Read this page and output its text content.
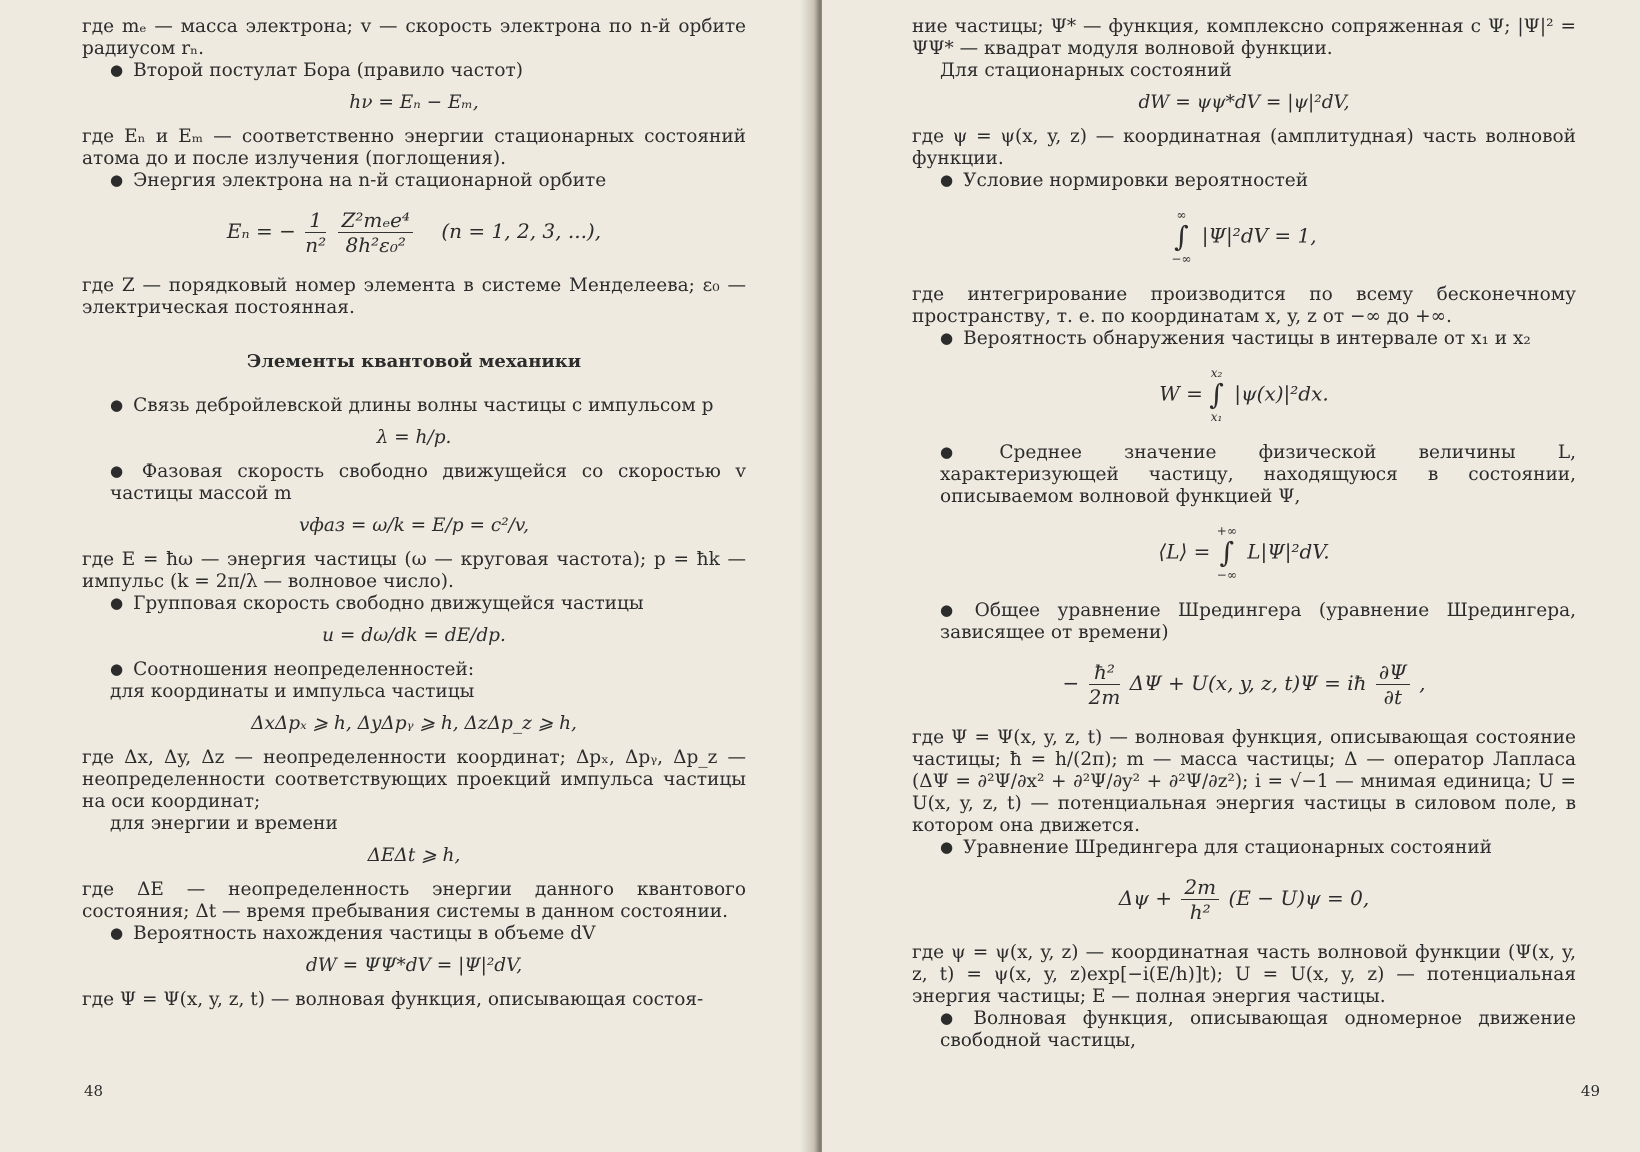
где mₑ — масса электрона; v — скорость электрона по n-й орбите радиусом rₙ.

● Второй постулат Бора (правило частот)

hν = Eₙ − Eₘ,

где Eₙ и Eₘ — соответственно энергии стационарных состояний атома до и после излучения (поглощения).

● Энергия электрона на n-й стационарной орбите

Eₙ = − $\frac{1}{\text{n²}}$
Z²mₑe⁴
8h²ε₀²
(n = 1, 2, 3, ...),

где Z — порядковый номер элемента в системе Менделеева; ε₀ — электрическая постоянная.

Элементы квантовой механики

● Связь дебройлевской длины волны частицы с импульсом p

λ = h/p.

● Фазовая скорость свободно движущейся со скоростью v частицы массой m

vфаз = ω/k = E/p = c²/v,

где E = ħω — энергия частицы (ω — круговая частота); p = ħk — импульс (k = 2π/λ — волновое число).

● Групповая скорость свободно движущейся частицы

u = dω/dk = dE/dp.

● Соотношения неопределенностей:

для координаты и импульса частицы

ΔxΔpₓ ⩾ h, ΔyΔpᵧ ⩾ h, ΔzΔp_z ⩾ h,

где Δx, Δy, Δz — неопределенности координат; Δpₓ, Δpᵧ, Δp_z — неопределенности соответствующих проекций импульса частицы на оси координат;

для энергии и времени

ΔEΔt ⩾ h,

где ΔE — неопределенность энергии данного квантового состояния; Δt — время пребывания системы в данном состоянии.

● Вероятность нахождения частицы в объеме dV

dW = ΨΨ*dV = |Ψ|²dV,

где Ψ = Ψ(x, y, z, t) — волновая функция, описывающая состоя-

48

ние частицы; Ψ* — функция, комплексно сопряженная с Ψ; |Ψ|² = ΨΨ* — квадрат модуля волновой функции.

Для стационарных состояний

dW = ψψ*dV = |ψ|²dV,

где ψ = ψ(x, y, z) — координатная (амплитудная) часть волновой функции.

● Условие нормировки вероятностей

∞
∫
−∞ |Ψ|²dV = 1,

где интегрирование производится по всему бесконечному пространству, т. е. по координатам x, y, z от −∞ до +∞.

● Вероятность обнаружения частицы в интервале от x₁ и x₂

W = x₂
∫
x₁ |ψ(x)|²dx.

● Среднее значение физической величины L, характеризующей частицу, находящуюся в состоянии, описываемом волновой функцией Ψ,

⟨L⟩ = +∞
∫
−∞ L|Ψ|²dV.

● Общее уравнение Шредингера (уравнение Шредингера, зависящее от времени)

− $\frac{\text{ħ²}}{2m}$ ΔΨ + U(x, y, z, t)Ψ = iħ $\frac{\partial\Psi}{\partial t}$ ,

где Ψ = Ψ(x, y, z, t) — волновая функция, описывающая состояние частицы; ħ = h/(2π); m — масса частицы; Δ — оператор Лапласа (ΔΨ = ∂²Ψ/∂x² + ∂²Ψ/∂y² + ∂²Ψ/∂z²); i = √−1 — мнимая единица; U = U(x, y, z, t) — потенциальная энергия частицы в силовом поле, в котором она движется.

● Уравнение Шредингера для стационарных состояний

$\Delta\psi + \frac{2m}{\text{h²}} (E - U)\psi = 0$,

где ψ = ψ(x, y, z) — координатная часть волновой функции (Ψ(x, y, z, t) = ψ(x, y, z)exp[−i(E/h)]t); U = U(x, y, z) — потенциальная энергия частицы; E — полная энергия частицы.

● Волновая функция, описывающая одномерное движение свободной частицы,

49
